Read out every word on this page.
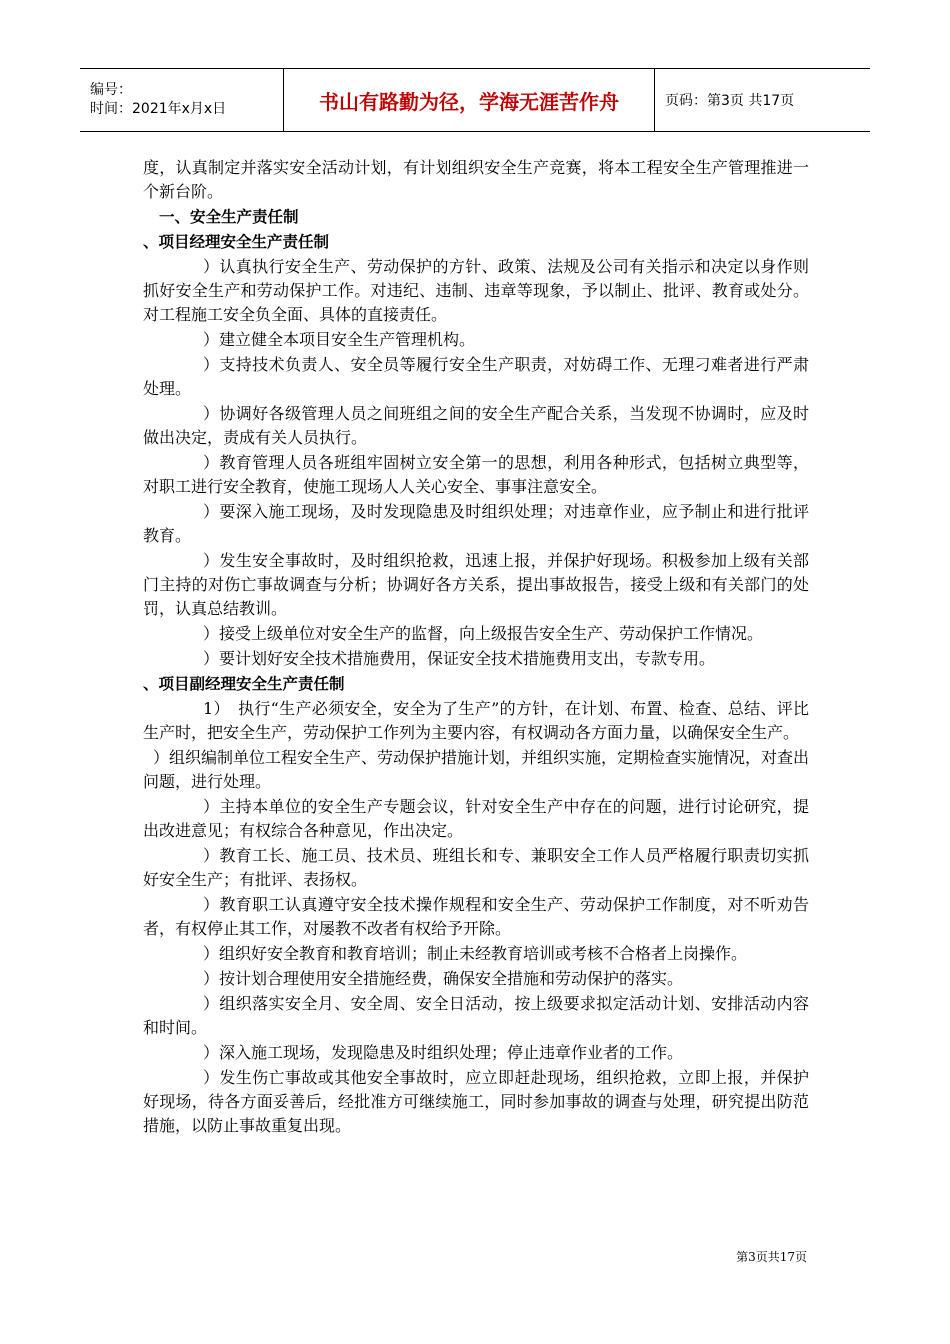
编号：
时间：2021年x月x日	书山有路勤为径，学海无涯苦作舟	页码：第3页 共17页

度，认真制定并落实安全活动计划，有计划组织安全生产竞赛，将本工程安全生产管理推进一个新台阶。

一、安全生产责任制

、项目经理安全生产责任制

）认真执行安全生产、劳动保护的方针、政策、法规及公司有关指示和决定以身作则抓好安全生产和劳动保护工作。对违纪、违制、违章等现象，予以制止、批评、教育或处分。对工程施工安全负全面、具体的直接责任。

）建立健全本项目安全生产管理机构。

）支持技术负责人、安全员等履行安全生产职责，对妨碍工作、无理刁难者进行严肃处理。

）协调好各级管理人员之间班组之间的安全生产配合关系，当发现不协调时，应及时做出决定，责成有关人员执行。

）教育管理人员各班组牢固树立安全第一的思想，利用各种形式，包括树立典型等，对职工进行安全教育，使施工现场人人关心安全、事事注意安全。

）要深入施工现场，及时发现隐患及时组织处理；对违章作业，应予制止和进行批评教育。

）发生安全事故时，及时组织抢救，迅速上报，并保护好现场。积极参加上级有关部门主持的对伤亡事故调查与分析；协调好各方关系，提出事故报告，接受上级和有关部门的处罚，认真总结教训。

）接受上级单位对安全生产的监督，向上级报告安全生产、劳动保护工作情况。

）要计划好安全技术措施费用，保证安全技术措施费用支出，专款专用。

、项目副经理安全生产责任制

1）　执行“生产必须安全，安全为了生产”的方针，在计划、布置、检查、总结、评比生产时，把安全生产，劳动保护工作列为主要内容，有权调动各方面力量，以确保安全生产。

）组织编制单位工程安全生产、劳动保护措施计划，并组织实施，定期检查实施情况，对查出问题，进行处理。

）主持本单位的安全生产专题会议，针对安全生产中存在的问题，进行讨论研究，提出改进意见；有权综合各种意见，作出决定。

）教育工长、施工员、技术员、班组长和专、兼职安全工作人员严格履行职责切实抓好安全生产；有批评、表扬权。

）教育职工认真遵守安全技术操作规程和安全生产、劳动保护工作制度，对不听劝告者，有权停止其工作，对屡教不改者有权给予开除。

）组织好安全教育和教育培训；制止未经教育培训或考核不合格者上岗操作。

）按计划合理使用安全措施经费，确保安全措施和劳动保护的落实。

）组织落实安全月、安全周、安全日活动，按上级要求拟定活动计划、安排活动内容和时间。

）深入施工现场，发现隐患及时组织处理；停止违章作业者的工作。

）发生伤亡事故或其他安全事故时，应立即赶赴现场，组织抢救，立即上报，并保护好现场，待各方面妥善后，经批准方可继续施工，同时参加事故的调查与处理，研究提出防范措施，以防止事故重复出现。

第3页共17页
